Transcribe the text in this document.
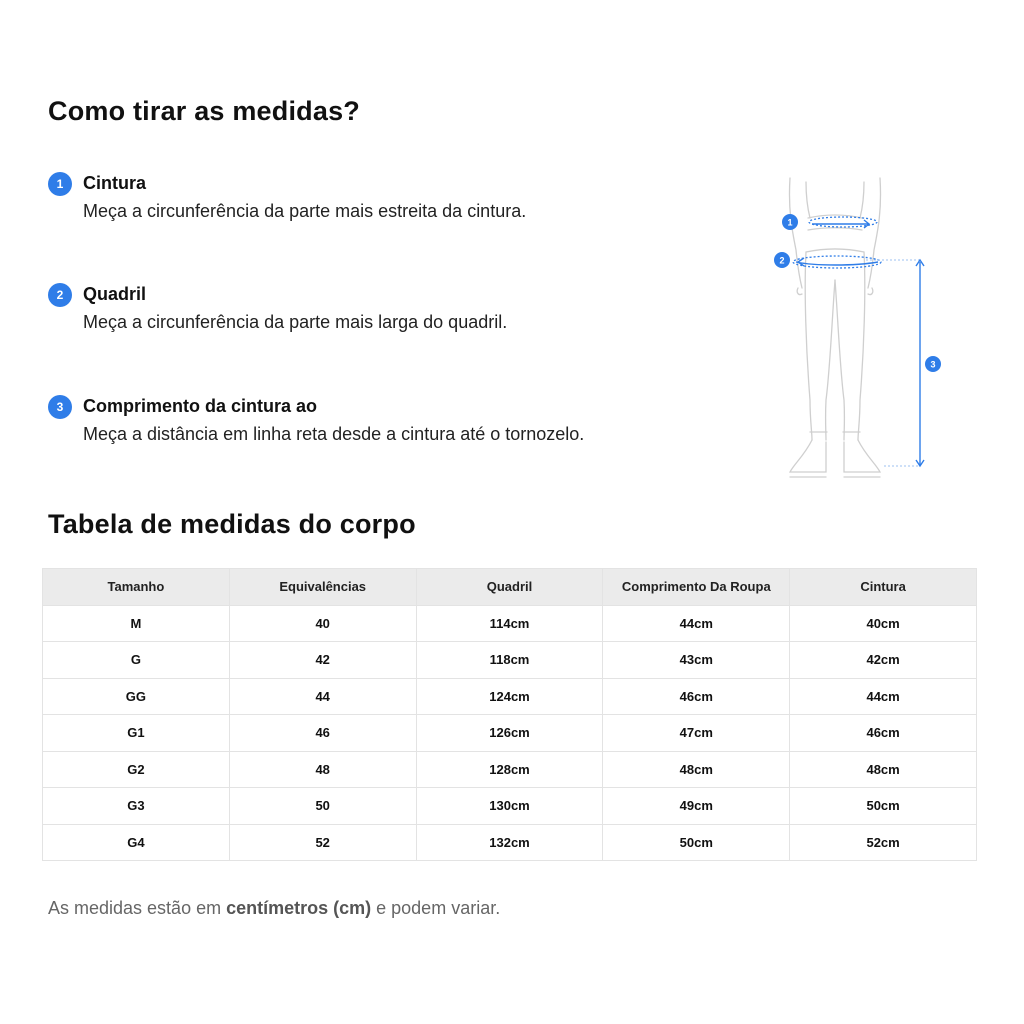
Como tirar as medidas?
1	Cintura
Meça a circunferência da parte mais estreita da cintura.
2	Quadril
Meça a circunferência da parte mais larga do quadril.
3	Comprimento da cintura ao
Meça a distância em linha reta desde a cintura até o tornozelo.
1
2
3
Tabela de medidas do corpo
Tamanho	Equivalências	Quadril	Comprimento Da Roupa	Cintura
M	40	114cm	44cm	40cm
G	42	118cm	43cm	42cm
GG	44	124cm	46cm	44cm
G1	46	126cm	47cm	46cm
G2	48	128cm	48cm	48cm
G3	50	130cm	49cm	50cm
G4	52	132cm	50cm	52cm
As medidas estão em centímetros (cm) e podem variar.
